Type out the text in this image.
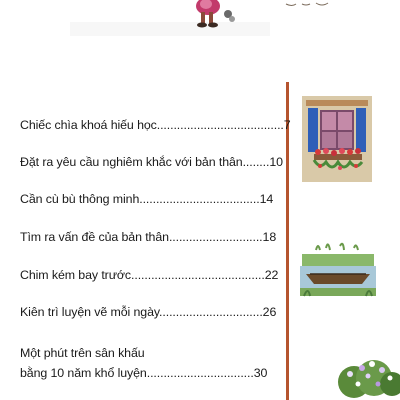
Chiếc chìa khoá hiếu học......................................7
Đặt ra yêu cầu nghiêm khắc với bản thân........10
Cần cù bù thông minh....................................14
Tìm ra vấn đề của bản thân............................18
Chim kém bay trước........................................22
Kiên trì luyện vẽ mỗi ngày...............................26
Một phút trên sân khấu
bằng 10 năm khổ luyện................................30
